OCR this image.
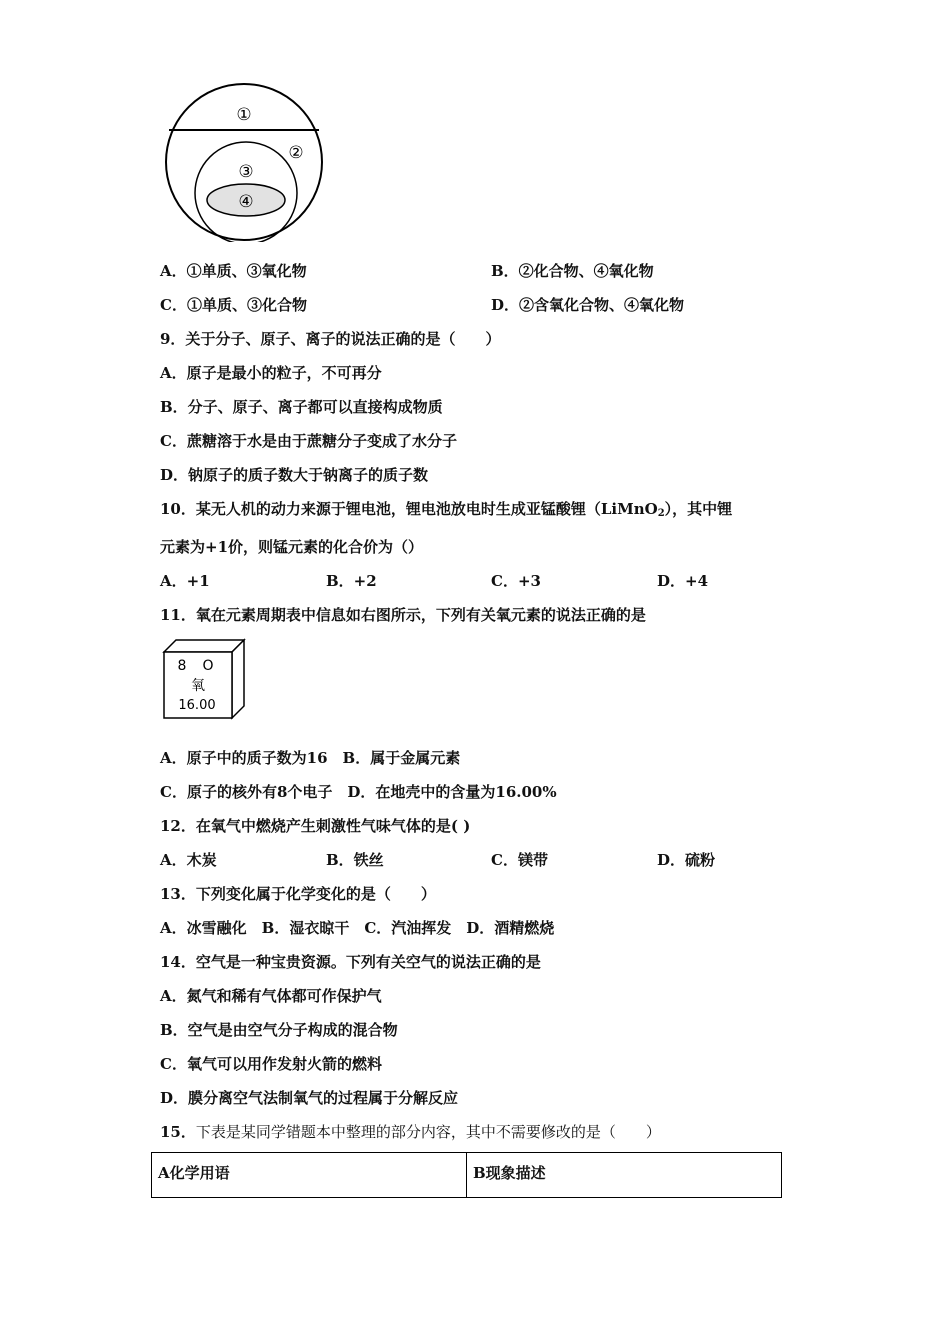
①
②
③
④
A．①单质、③氧化物	B．②化合物、④氧化物
C．①单质、③化合物	D．②含氧化合物、④氧化物
9．关于分子、原子、离子的说法正确的是（　　）
A．原子是最小的粒子，不可再分
B．分子、原子、离子都可以直接构成物质
C．蔗糖溶于水是由于蔗糖分子变成了水分子
D．钠原子的质子数大于钠离子的质子数
10．某无人机的动力来源于锂电池，锂电池放电时生成亚锰酸锂（LiMnO$_2$），其中锂
元素为+1价，则锰元素的化合价为（）
A．+1	B．+2	C．+3	D．+4
11．氧在元素周期表中信息如右图所示，下列有关氧元素的说法正确的是
8 O
氧
16.00
A．原子中的质子数为16　B．属于金属元素
C．原子的核外有8个电子　D．在地壳中的含量为16.00%
12．在氧气中燃烧产生刺激性气味气体的是( )
A．木炭	B．铁丝	C．镁带	D．硫粉
13．下列变化属于化学变化的是（　　）
A．冰雪融化　B．湿衣晾干　C．汽油挥发　D．酒精燃烧
14．空气是一种宝贵资源。下列有关空气的说法正确的是
A．氮气和稀有气体都可作保护气
B．空气是由空气分子构成的混合物
C．氧气可以用作发射火箭的燃料
D．膜分离空气法制氧气的过程属于分解反应
15．下表是某同学错题本中整理的部分内容，其中不需要修改的是（　　）
A化学用语	B现象描述
